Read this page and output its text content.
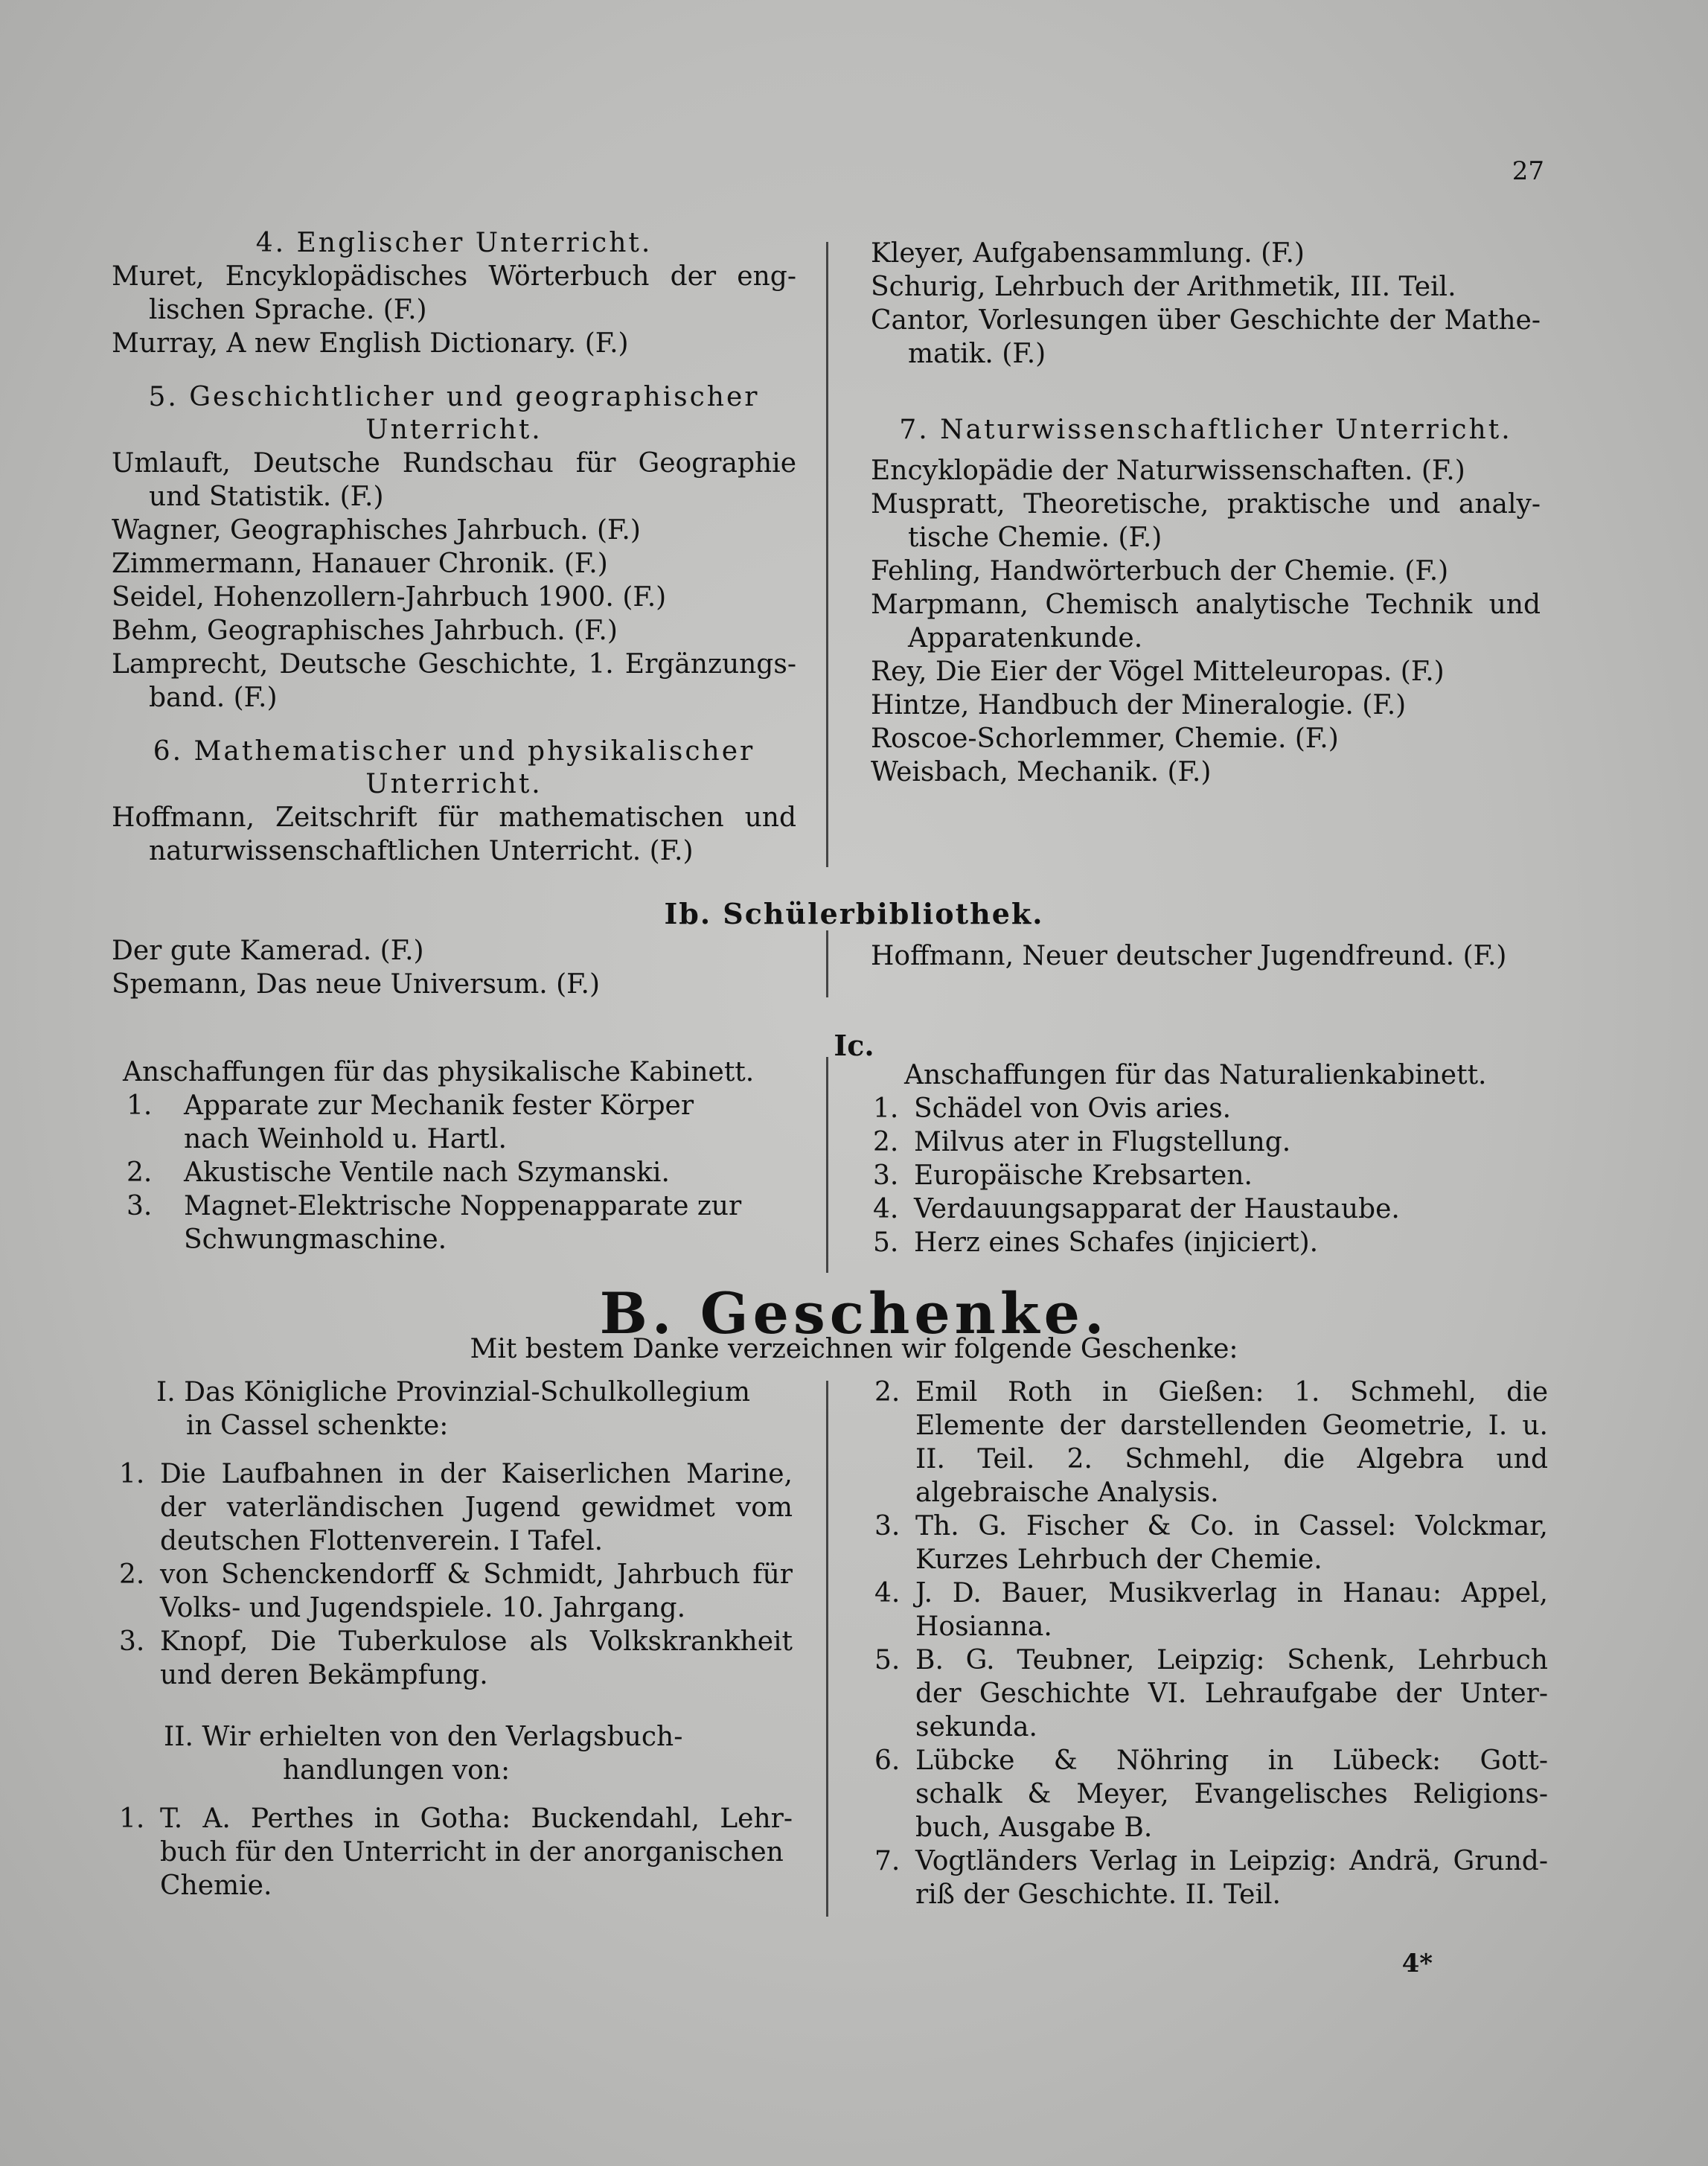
27
4. Englischer Unterricht.
Muret, Encyklopädisches Wörterbuch der eng-
lischen Sprache. (F.)
Murray, A new English Dictionary. (F.)
5. Geschichtlicher und geographischer
Unterricht.
Umlauft, Deutsche Rundschau für Geographie
und Statistik. (F.)
Wagner, Geographisches Jahrbuch. (F.)
Zimmermann, Hanauer Chronik. (F.)
Seidel, Hohenzollern-Jahrbuch 1900. (F.)
Behm, Geographisches Jahrbuch. (F.)
Lamprecht, Deutsche Geschichte, 1. Ergänzungs-
band. (F.)
6. Mathematischer und physikalischer
Unterricht.
Hoffmann, Zeitschrift für mathematischen und
naturwissenschaftlichen Unterricht. (F.)
Kleyer, Aufgabensammlung. (F.)
Schurig, Lehrbuch der Arithmetik, III. Teil.
Cantor, Vorlesungen über Geschichte der Mathe-
matik. (F.)
7. Naturwissenschaftlicher Unterricht.
Encyklopädie der Naturwissenschaften. (F.)
Muspratt, Theoretische, praktische und analy-
tische Chemie. (F.)
Fehling, Handwörterbuch der Chemie. (F.)
Marpmann, Chemisch analytische Technik und
Apparatenkunde.
Rey, Die Eier der Vögel Mitteleuropas. (F.)
Hintze, Handbuch der Mineralogie. (F.)
Roscoe-Schorlemmer, Chemie. (F.)
Weisbach, Mechanik. (F.)
Ib. Schülerbibliothek.
Der gute Kamerad. (F.)
Spemann, Das neue Universum. (F.)
Hoffmann, Neuer deutscher Jugendfreund. (F.)
Ic.
Anschaffungen für das physikalische Kabinett.
1. Apparate zur Mechanik fester Körper
nach Weinhold u. Hartl.
2. Akustische Ventile nach Szymanski.
3. Magnet-Elektrische Noppenapparate zur
Schwungmaschine.
Anschaffungen für das Naturalienkabinett.
1. Schädel von Ovis aries.
2. Milvus ater in Flugstellung.
3. Europäische Krebsarten.
4. Verdauungsapparat der Haustaube.
5. Herz eines Schafes (injiciert).
B. Geschenke.
Mit bestem Danke verzeichnen wir folgende Geschenke:
I. Das Königliche Provinzial-Schulkollegium
in Cassel schenkte:
1. Die Laufbahnen in der Kaiserlichen Marine,
der vaterländischen Jugend gewidmet vom
deutschen Flottenverein. I Tafel.
2. von Schenckendorff & Schmidt, Jahrbuch für
Volks- und Jugendspiele. 10. Jahrgang.
3. Knopf, Die Tuberkulose als Volkskrankheit
und deren Bekämpfung.
II. Wir erhielten von den Verlagsbuch-
handlungen von:
1. T. A. Perthes in Gotha: Buckendahl, Lehr-
buch für den Unterricht in der anorganischen
Chemie.
2. Emil Roth in Gießen: 1. Schmehl, die
Elemente der darstellenden Geometrie, I. u.
II. Teil. 2. Schmehl, die Algebra und
algebraische Analysis.
3. Th. G. Fischer & Co. in Cassel: Volckmar,
Kurzes Lehrbuch der Chemie.
4. J. D. Bauer, Musikverlag in Hanau: Appel,
Hosianna.
5. B. G. Teubner, Leipzig: Schenk, Lehrbuch
der Geschichte VI. Lehraufgabe der Unter-
sekunda.
6. Lübcke & Nöhring in Lübeck: Gott-
schalk & Meyer, Evangelisches Religions-
buch, Ausgabe B.
7. Vogtländers Verlag in Leipzig: Andrä, Grund-
riß der Geschichte. II. Teil.
4*
